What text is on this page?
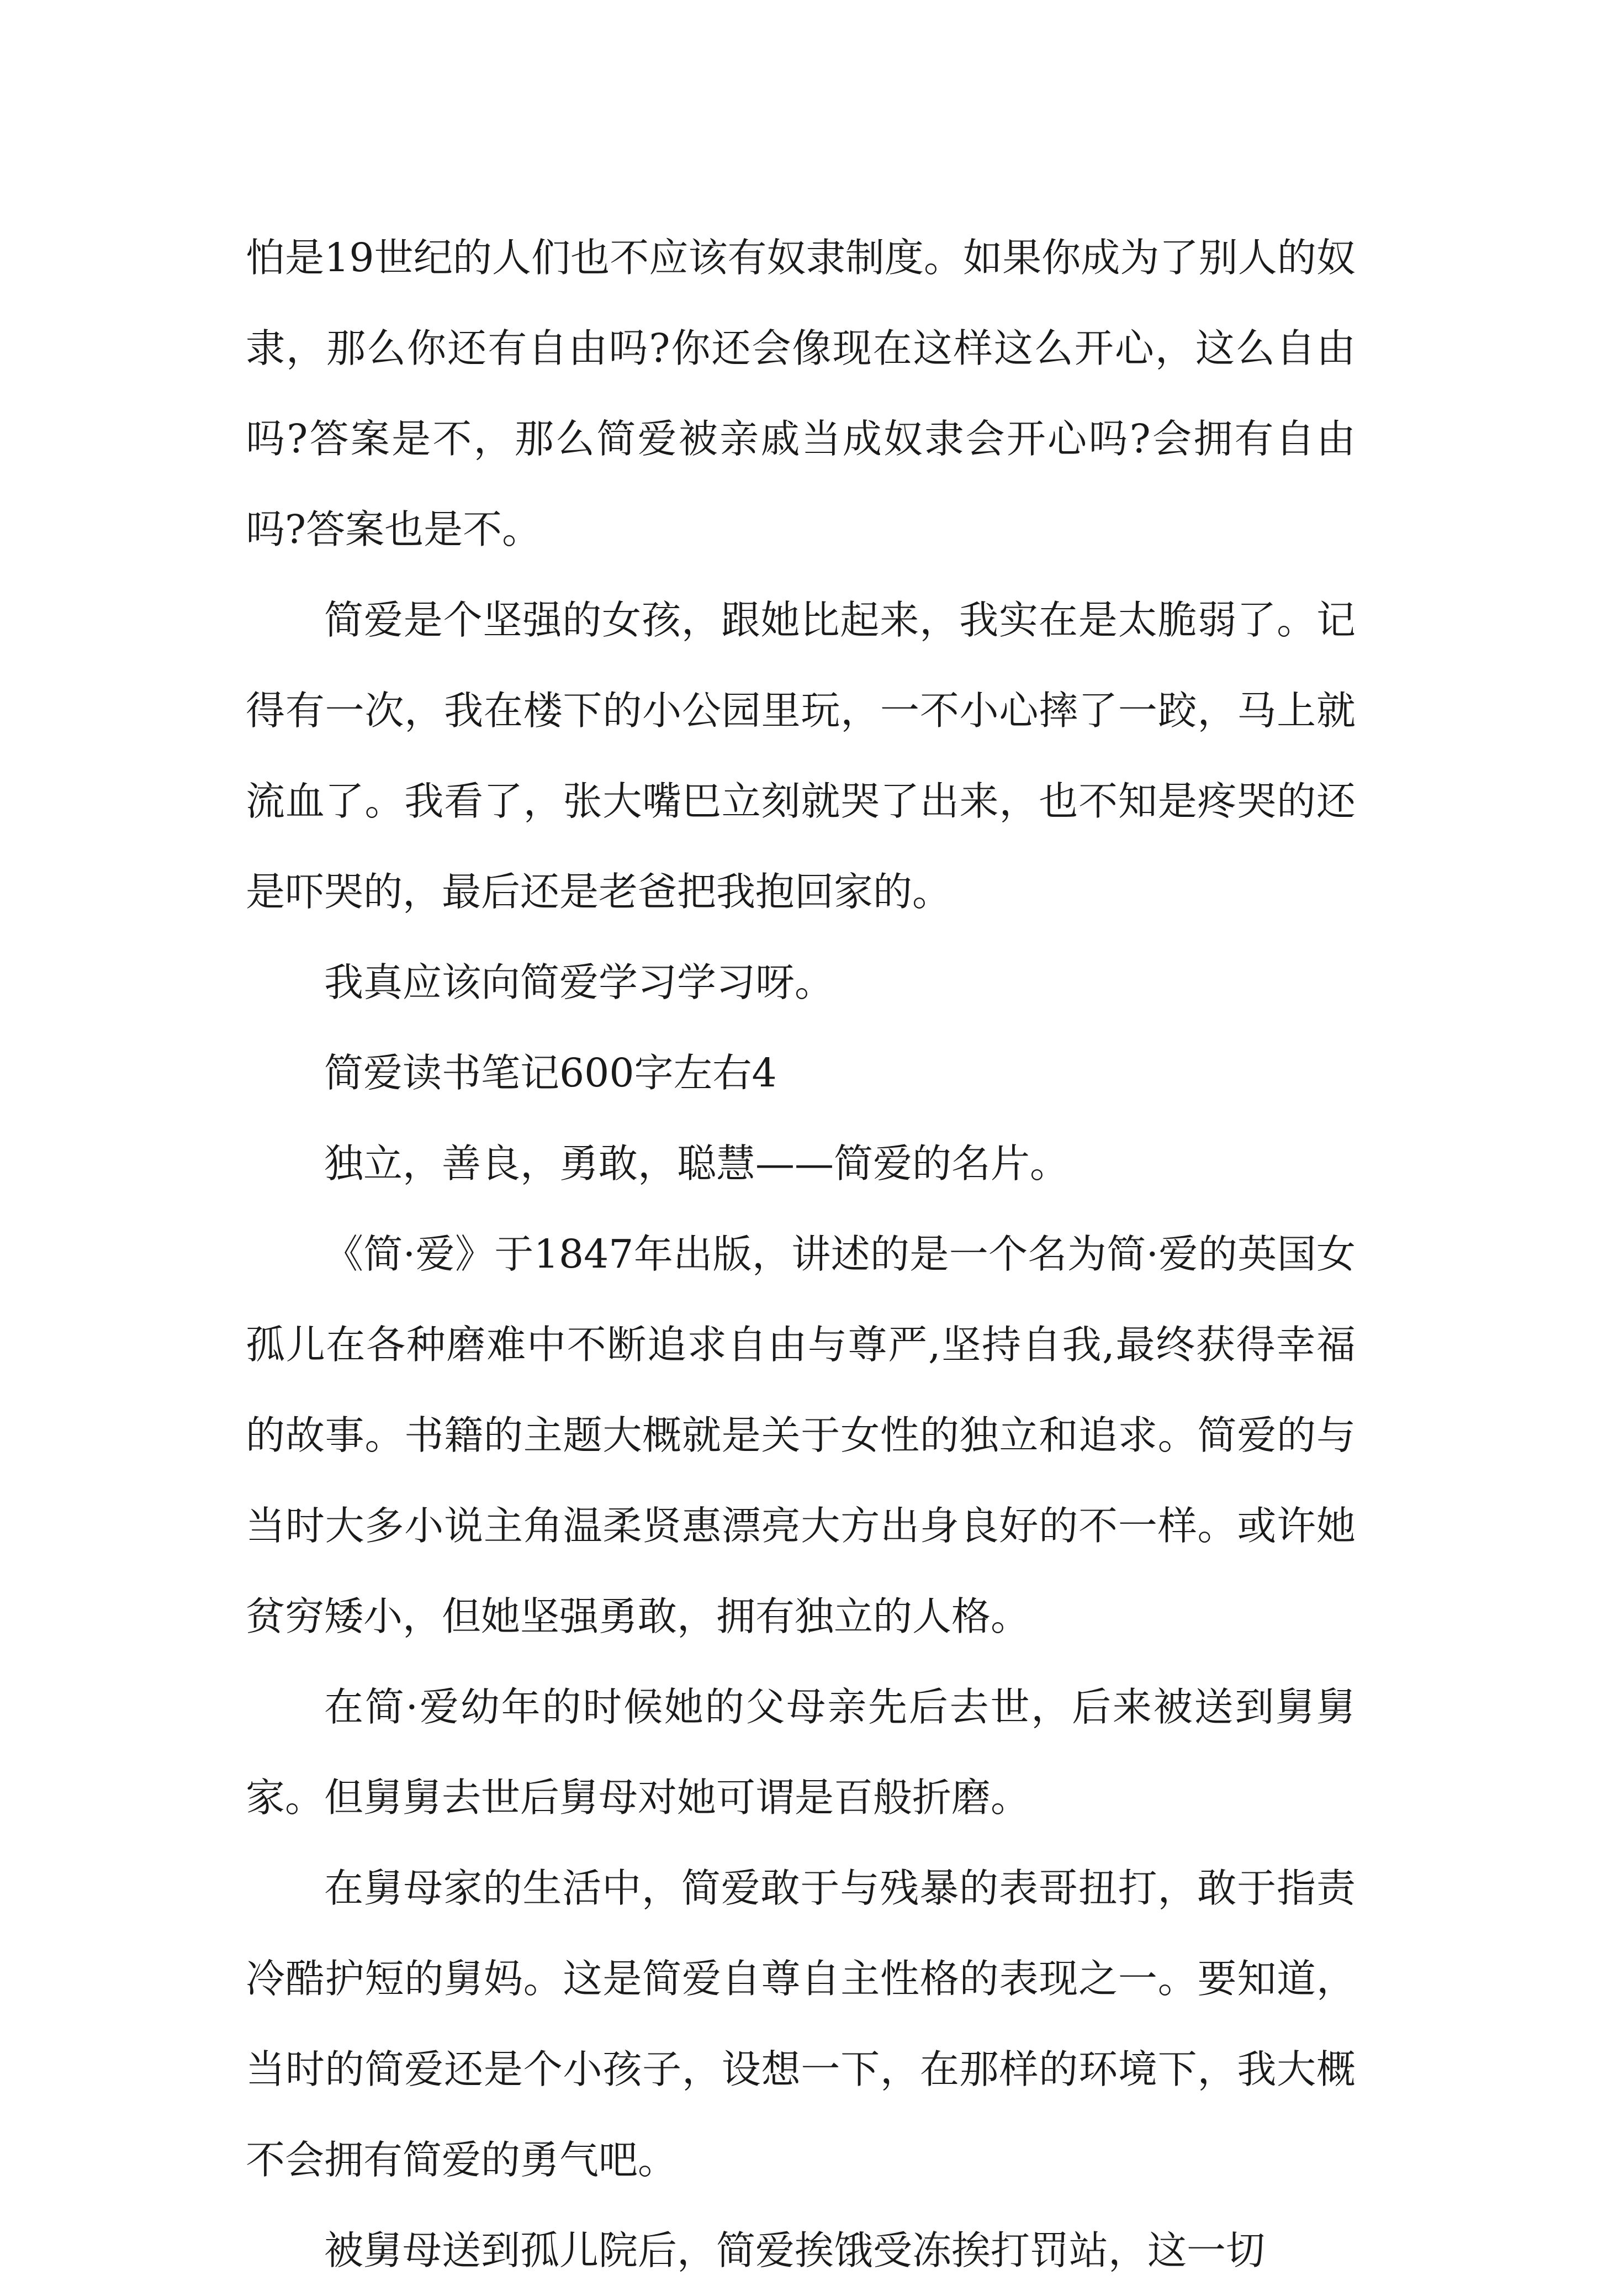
怕是19世纪的人们也不应该有奴隶制度。如果你成为了别人的奴隶，那么你还有自由吗?你还会像现在这样这么开心，这么自由吗?答案是不，那么简爱被亲戚当成奴隶会开心吗?会拥有自由吗?答案也是不。

简爱是个坚强的女孩，跟她比起来，我实在是太脆弱了。记得有一次，我在楼下的小公园里玩，一不小心摔了一跤，马上就流血了。我看了，张大嘴巴立刻就哭了出来，也不知是疼哭的还是吓哭的，最后还是老爸把我抱回家的。

我真应该向简爱学习学习呀。

简爱读书笔记600字左右4

独立，善良，勇敢，聪慧——简爱的名片。

《简·爱》于1847年出版，讲述的是一个名为简·爱的英国女孤儿在各种磨难中不断追求自由与尊严,坚持自我,最终获得幸福的故事。书籍的主题大概就是关于女性的独立和追求。简爱的与当时大多小说主角温柔贤惠漂亮大方出身良好的不一样。或许她贫穷矮小，但她坚强勇敢，拥有独立的人格。

在简·爱幼年的时候她的父母亲先后去世，后来被送到舅舅家。但舅舅去世后舅母对她可谓是百般折磨。

在舅母家的生活中，简爱敢于与残暴的表哥扭打，敢于指责冷酷护短的舅妈。这是简爱自尊自主性格的表现之一。要知道，当时的简爱还是个小孩子，设想一下，在那样的环境下，我大概不会拥有简爱的勇气吧。

被舅母送到孤儿院后，简爱挨饿受冻挨打罚站，这一切
